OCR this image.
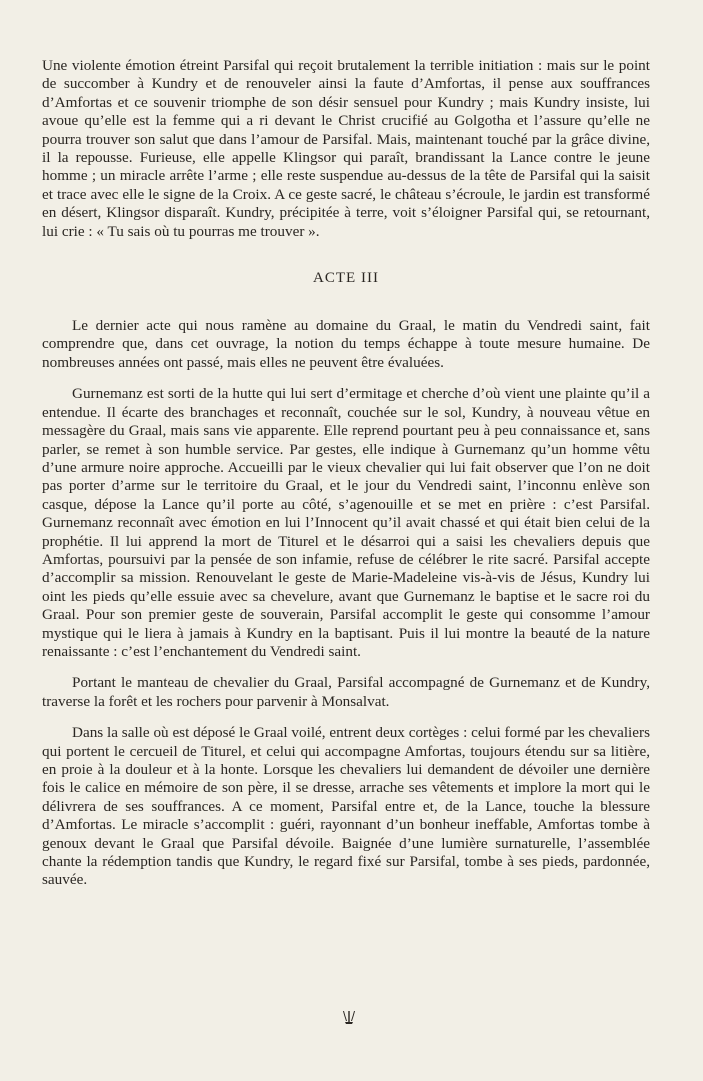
Une violente émotion étreint Parsifal qui reçoit brutalement la terrible initiation : mais sur le point de succomber à Kundry et de renouveler ainsi la faute d’Amfortas, il pense aux souffrances d’Amfortas et ce souvenir triomphe de son désir sensuel pour Kundry ; mais Kundry insiste, lui avoue qu’elle est la femme qui a ri devant le Christ crucifié au Golgotha et l’assure qu’elle ne pourra trouver son salut que dans l’amour de Parsifal. Mais, maintenant touché par la grâce divine, il la repousse. Furieuse, elle appelle Klingsor qui paraît, brandissant la Lance contre le jeune homme ; un miracle arrête l’arme ; elle reste suspendue au-dessus de la tête de Parsifal qui la saisit et trace avec elle le signe de la Croix. A ce geste sacré, le château s’écroule, le jardin est transformé en désert, Klingsor disparaît. Kundry, précipitée à terre, voit s’éloigner Parsifal qui, se retournant, lui crie : « Tu sais où tu pourras me trouver ».

ACTE III

Le dernier acte qui nous ramène au domaine du Graal, le matin du Vendredi saint, fait comprendre que, dans cet ouvrage, la notion du temps échappe à toute mesure humaine. De nombreuses années ont passé, mais elles ne peuvent être évaluées.

Gurnemanz est sorti de la hutte qui lui sert d’ermitage et cherche d’où vient une plainte qu’il a entendue. Il écarte des branchages et reconnaît, couchée sur le sol, Kundry, à nouveau vêtue en messagère du Graal, mais sans vie apparente. Elle reprend pourtant peu à peu connaissance et, sans parler, se remet à son humble service. Par gestes, elle indique à Gurnemanz qu’un homme vêtu d’une armure noire approche. Accueilli par le vieux chevalier qui lui fait observer que l’on ne doit pas porter d’arme sur le territoire du Graal, et le jour du Vendredi saint, l’inconnu enlève son casque, dépose la Lance qu’il porte au côté, s’agenouille et se met en prière : c’est Parsifal. Gurnemanz reconnaît avec émotion en lui l’Innocent qu’il avait chassé et qui était bien celui de la prophétie. Il lui apprend la mort de Titurel et le désarroi qui a saisi les chevaliers depuis que Amfortas, poursuivi par la pensée de son infamie, refuse de célébrer le rite sacré. Parsifal accepte d’accomplir sa mission. Renouvelant le geste de Marie-Madeleine vis-à-vis de Jésus, Kundry lui oint les pieds qu’elle essuie avec sa chevelure, avant que Gurnemanz le baptise et le sacre roi du Graal. Pour son premier geste de souverain, Parsifal accomplit le geste qui consomme l’amour mystique qui le liera à jamais à Kundry en la baptisant. Puis il lui montre la beauté de la nature renaissante : c’est l’enchantement du Vendredi saint.

Portant le manteau de chevalier du Graal, Parsifal accompagné de Gurnemanz et de Kundry, traverse la forêt et les rochers pour parvenir à Monsalvat.

Dans la salle où est déposé le Graal voilé, entrent deux cortèges : celui formé par les chevaliers qui portent le cercueil de Titurel, et celui qui accompagne Amfortas, toujours étendu sur sa litière, en proie à la douleur et à la honte. Lorsque les chevaliers lui demandent de dévoiler une dernière fois le calice en mémoire de son père, il se dresse, arrache ses vêtements et implore la mort qui le délivrera de ses souffrances. A ce moment, Parsifal entre et, de la Lance, touche la blessure d’Amfortas. Le miracle s’accomplit : guéri, rayonnant d’un bonheur ineffable, Amfortas tombe à genoux devant le Graal que Parsifal dévoile. Baignée d’une lumière surnaturelle, l’assemblée chante la rédemption tandis que Kundry, le regard fixé sur Parsifal, tombe à ses pieds, pardonnée, sauvée.
